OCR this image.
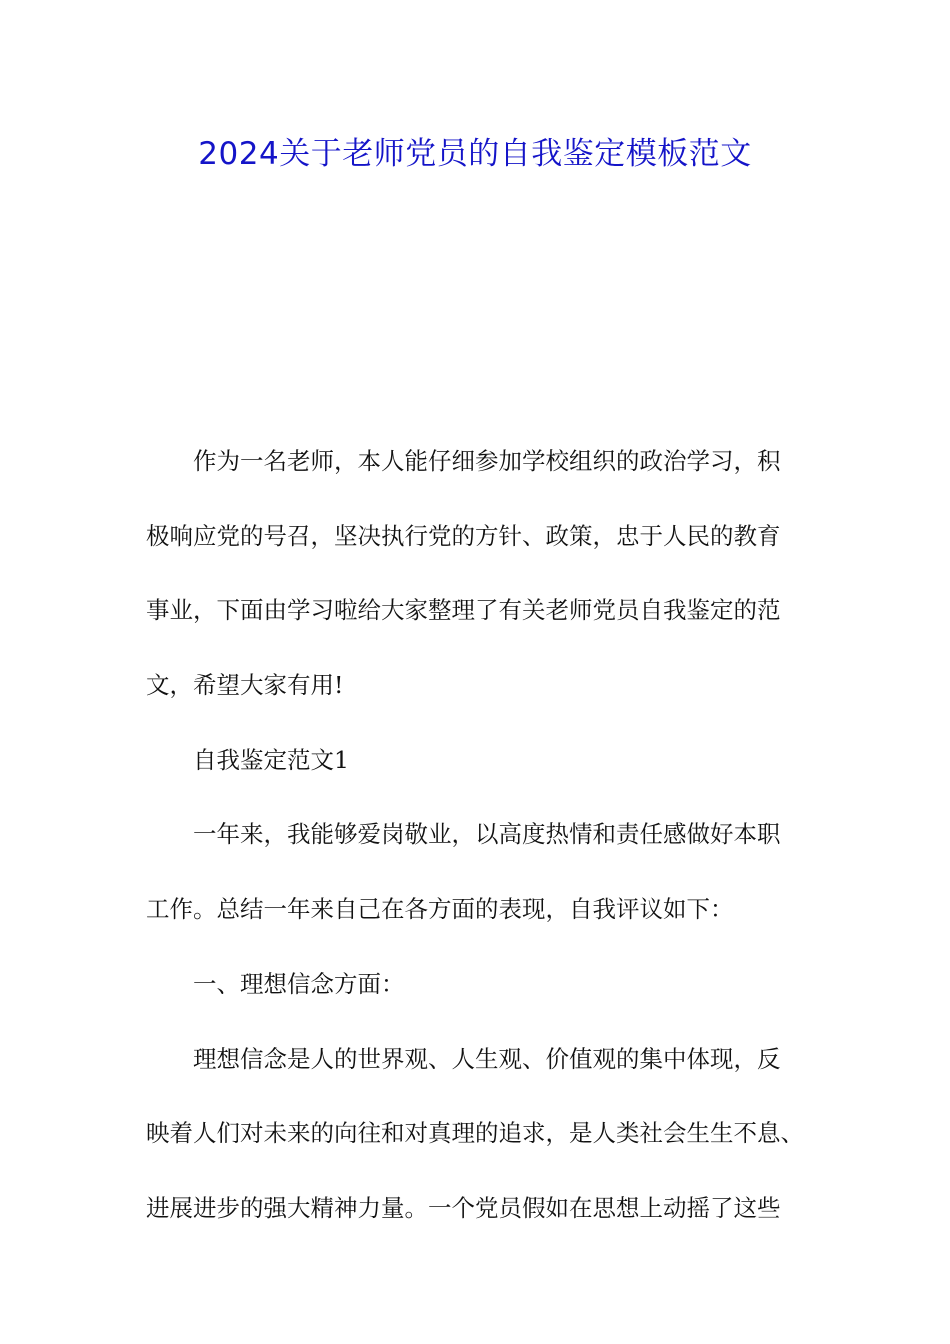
2024关于老师党员的自我鉴定模板范文
作为一名老师，本人能仔细参加学校组织的政治学习，积
极响应党的号召，坚决执行党的方针、政策，忠于人民的教育
事业，下面由学习啦给大家整理了有关老师党员自我鉴定的范
文，希望大家有用!
自我鉴定范文1
一年来，我能够爱岗敬业，以高度热情和责任感做好本职
工作。总结一年来自己在各方面的表现，自我评议如下：
一、理想信念方面：
理想信念是人的世界观、人生观、价值观的集中体现，反
映着人们对未来的向往和对真理的追求，是人类社会生生不息、
进展进步的强大精神力量。一个党员假如在思想上动摇了这些
